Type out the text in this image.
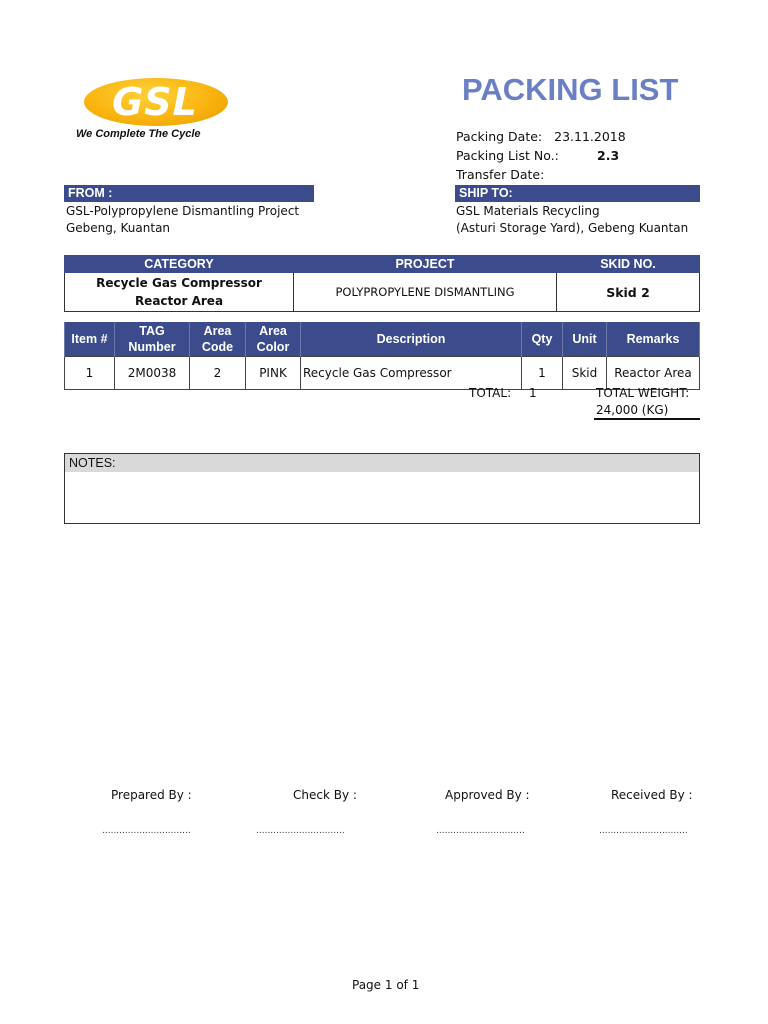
GSL
We Complete The Cycle
PACKING LIST
Packing Date: 23.11.2018
Packing List No.:	2.3
Transfer Date:
FROM :	SHIP TO:
GSL-Polypropylene Dismantling Project
Gebeng, Kuantan
GSL Materials Recycling
(Asturi Storage Yard), Gebeng Kuantan
CATEGORY	PROJECT	SKID NO.
Recycle Gas Compressor   Reactor Area	POLYPROPYLENE DISMANTLING	Skid 2
Item #	TAG Number	Area Code	Area Color	Description	Qty	Unit	Remarks
1	2M0038	2	PINK	Recycle Gas Compressor	1	Skid	Reactor Area
TOTAL: 1	TOTAL WEIGHT:
24,000 (KG)
NOTES:
Prepared By :	Check By :	Approved By :	Received By :
...............................	...............................	...............................	...............................
Page 1 of 1
